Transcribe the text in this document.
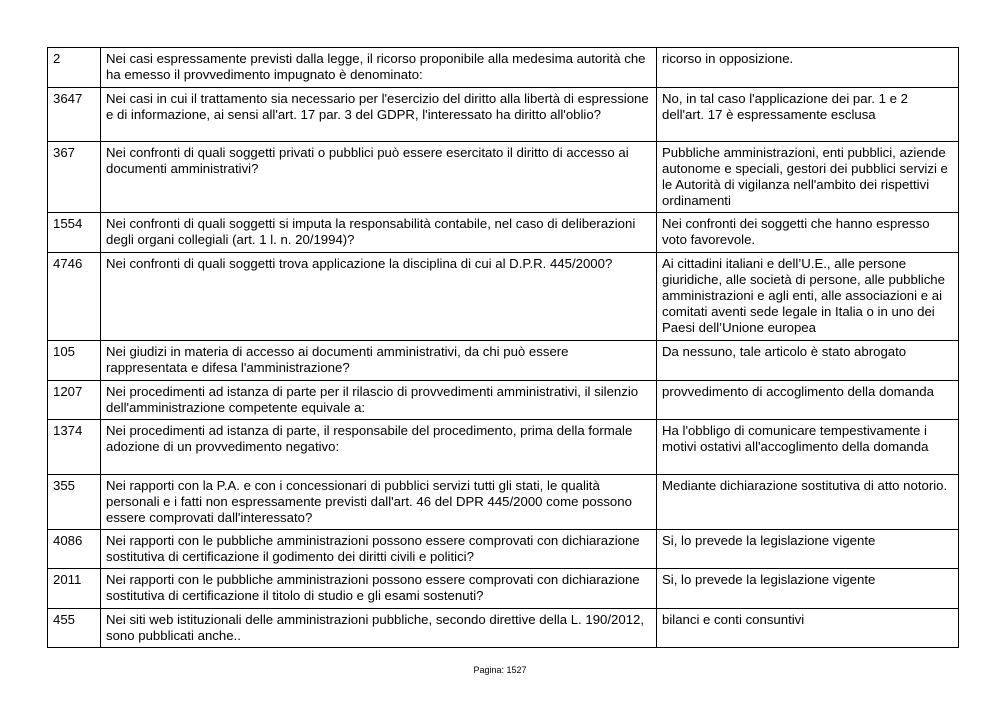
2	Nei casi espressamente previsti dalla legge, il ricorso proponibile alla medesima autorità che ha emesso il provvedimento impugnato è denominato:	ricorso in opposizione.
3647	Nei casi in cui il trattamento sia necessario per l'esercizio del diritto alla libertà di espressione e di informazione, ai sensi all'art. 17 par. 3 del GDPR, l'interessato ha diritto all'oblio?	No, in tal caso l'applicazione dei par. 1 e 2 dell'art. 17 è espressamente esclusa
367	Nei confronti di quali soggetti privati o pubblici può essere esercitato il diritto di accesso ai documenti amministrativi?	Pubbliche amministrazioni, enti pubblici, aziende autonome e speciali, gestori dei pubblici servizi e le Autorità di vigilanza nell'ambito dei rispettivi ordinamenti
1554	Nei confronti di quali soggetti si imputa la responsabilità contabile, nel caso di deliberazioni degli organi collegiali (art. 1 l. n. 20/1994)?	Nei confronti dei soggetti che hanno espresso voto favorevole.
4746	Nei confronti di quali soggetti trova applicazione la disciplina di cui al D.P.R. 445/2000?	Ai cittadini italiani e dell’U.E., alle persone giuridiche, alle società di persone, alle pubbliche amministrazioni e agli enti, alle associazioni e ai comitati aventi sede legale in Italia o in uno dei Paesi dell’Unione europea
105	Nei giudizi in materia di accesso ai documenti amministrativi, da chi può essere rappresentata e difesa l'amministrazione?	Da nessuno, tale articolo è stato abrogato
1207	Nei procedimenti ad istanza di parte per il rilascio di provvedimenti amministrativi, il silenzio dell'amministrazione competente equivale a:	provvedimento di accoglimento della domanda
1374	Nei procedimenti ad istanza di parte, il responsabile del procedimento, prima della formale adozione di un provvedimento negativo:	Ha l'obbligo di comunicare tempestivamente i motivi ostativi all'accoglimento della domanda
355	Nei rapporti con la P.A. e con i concessionari di pubblici servizi tutti gli stati, le qualità personali e i fatti non espressamente previsti dall'art. 46 del DPR 445/2000 come possono essere comprovati dall'interessato?	Mediante dichiarazione sostitutiva di atto notorio.
4086	Nei rapporti con le pubbliche amministrazioni possono essere comprovati con dichiarazione sostitutiva di certificazione il godimento dei diritti civili e politici?	Si, lo prevede la legislazione vigente
2011	Nei rapporti con le pubbliche amministrazioni possono essere comprovati con dichiarazione sostitutiva di certificazione il titolo di studio e gli esami sostenuti?	Si, lo prevede la legislazione vigente
455	Nei siti web istituzionali delle amministrazioni pubbliche, secondo direttive della L. 190/2012, sono pubblicati anche..	bilanci e conti consuntivi
Pagina: 1527
